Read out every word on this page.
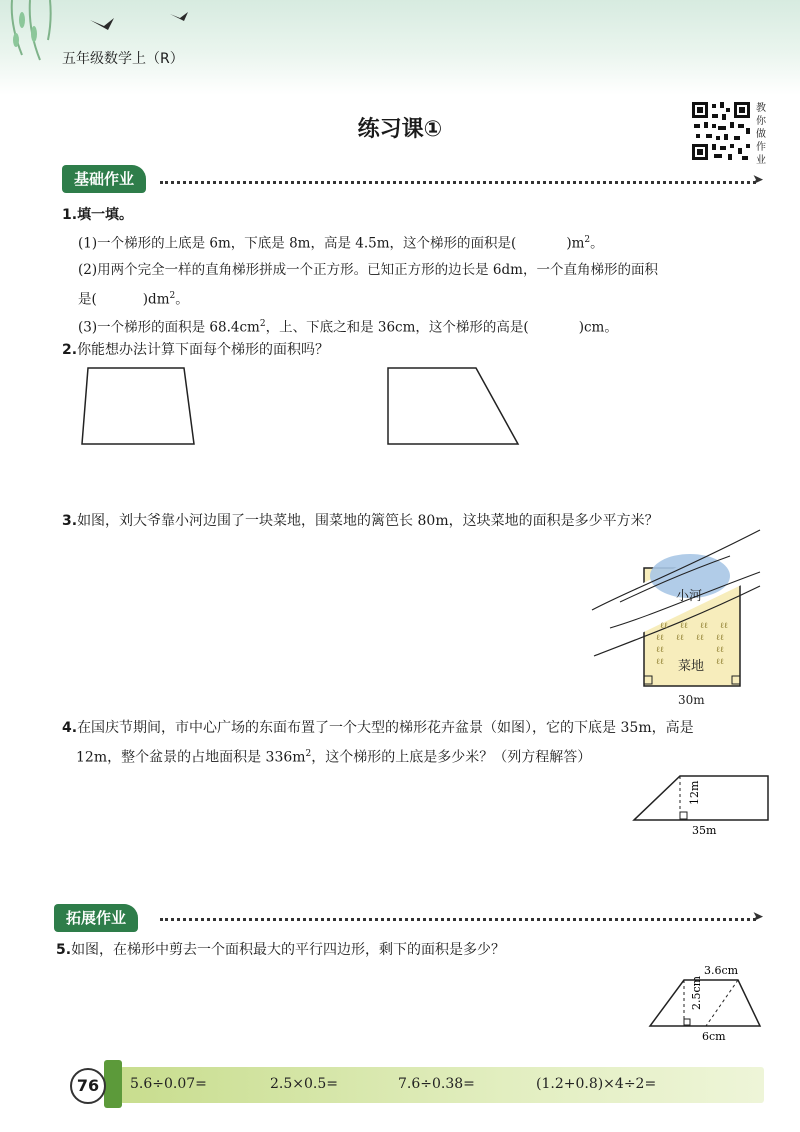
五年级数学上（R）
练习课①
教你做作业
基础作业	➤
1.填一填。
(1)一个梯形的上底是 6m，下底是 8m，高是 4.5m，这个梯形的面积是(	)$m^2$。
(2)用两个完全一样的直角梯形拼成一个正方形。已知正方形的边长是 6dm，一个直角梯形的面积
是(	)$dm^2$。
(3)一个梯形的面积是 $68.4cm^2$，上、下底之和是 36cm，这个梯形的高是(	)cm。
2.你能想办法计算下面每个梯形的面积吗？
3.如图，刘大爷靠小河边围了一块菜地，围菜地的篱笆长 80m，这块菜地的面积是多少平方米？
ℓℓ ℓℓ ℓℓ ℓℓ
ℓℓ ℓℓ ℓℓ ℓℓ
ℓℓ	ℓℓ
ℓℓ	ℓℓ
小河
菜地
30m
4.在国庆节期间，市中心广场的东面布置了一个大型的梯形花卉盆景（如图），它的下底是 35m，高是
12m，整个盆景的占地面积是 $336m^2$，这个梯形的上底是多少米？（列方程解答）
12m
35m
拓展作业	➤
5.如图，在梯形中剪去一个面积最大的平行四边形，剩下的面积是多少？
3.6cm
2.5cm
6cm
76	5.6÷0.07=	2.5×0.5=	7.6÷0.38=	(1.2+0.8)×4÷2=
